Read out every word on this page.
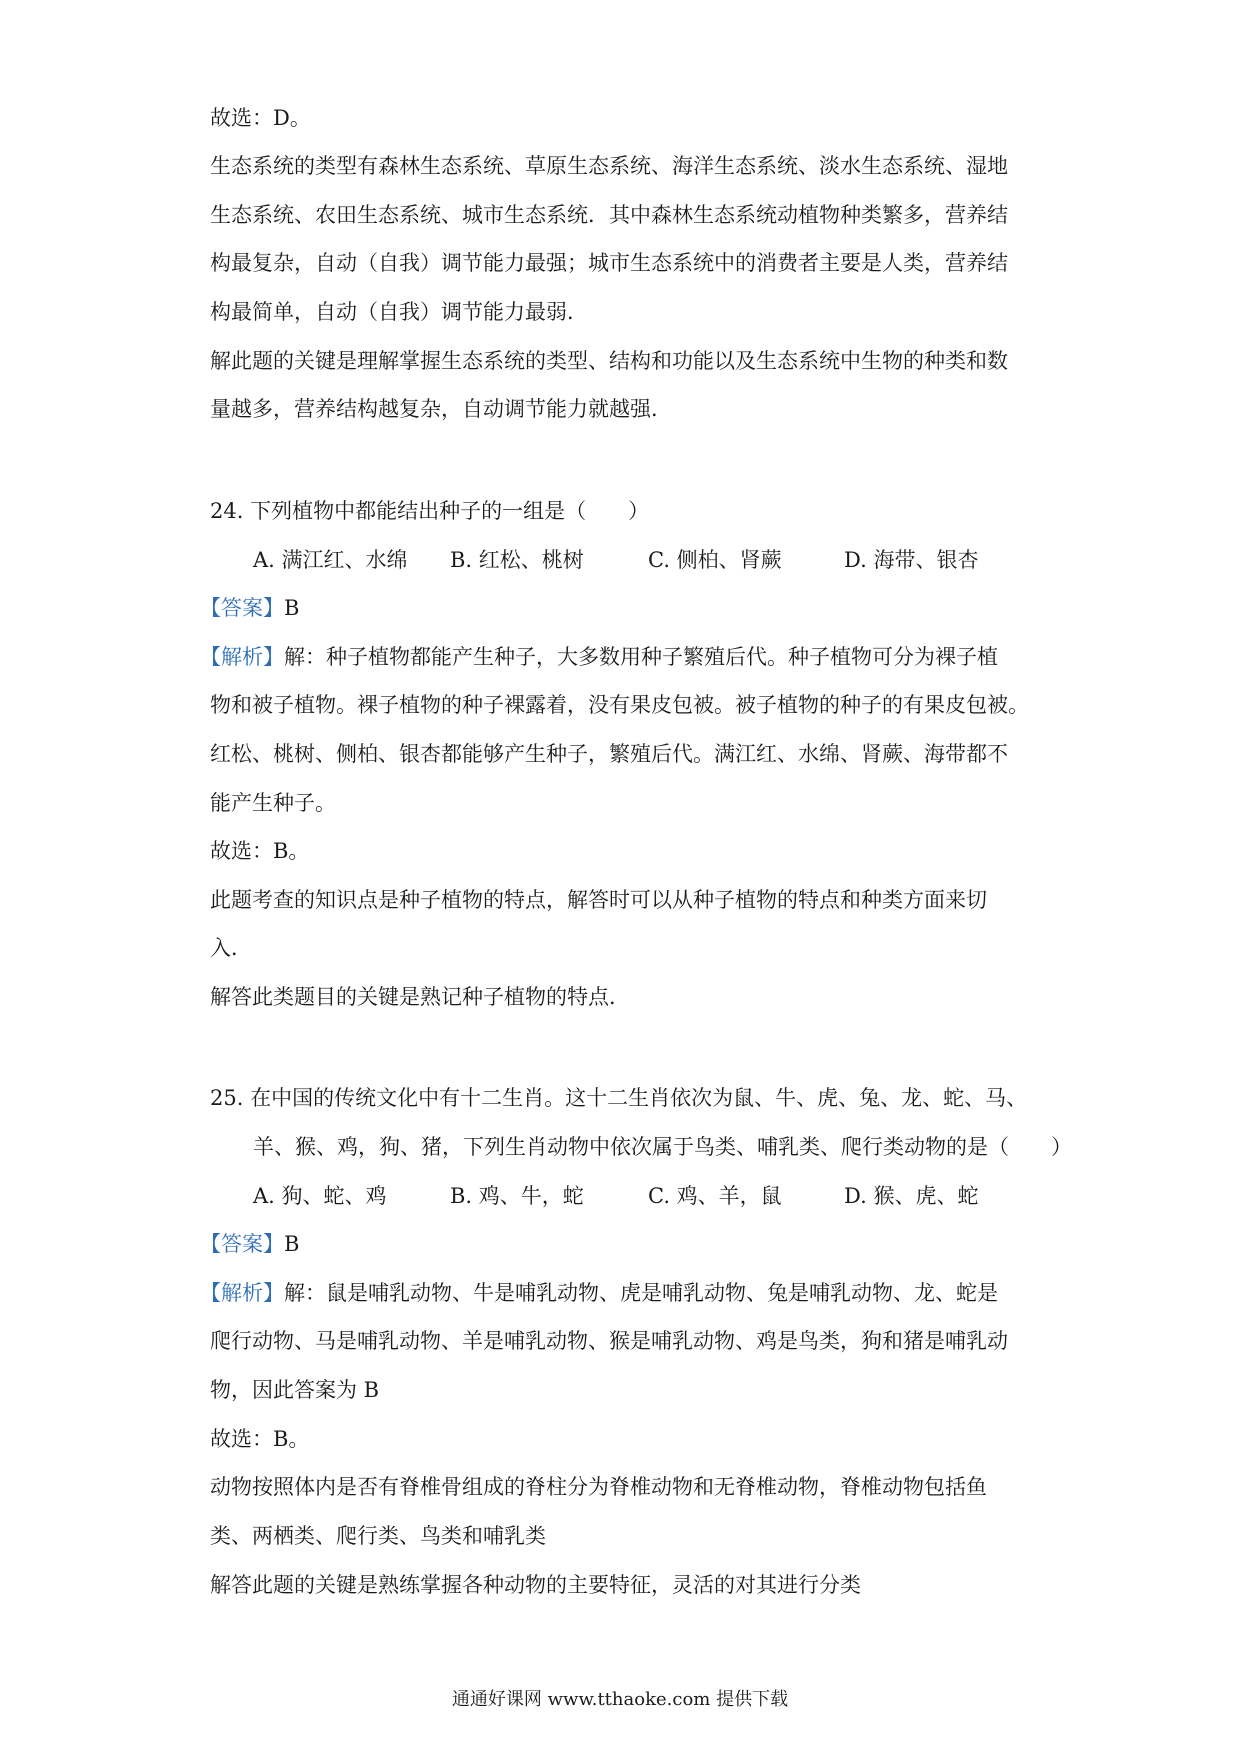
故选：D。
生态系统的类型有森林生态系统、草原生态系统、海洋生态系统、淡水生态系统、湿地
生态系统、农田生态系统、城市生态系统．其中森林生态系统动植物种类繁多，营养结
构最复杂，自动（自我）调节能力最强；城市生态系统中的消费者主要是人类，营养结
构最简单，自动（自我）调节能力最弱．
解此题的关键是理解掌握生态系统的类型、结构和功能以及生态系统中生物的种类和数
量越多，营养结构越复杂，自动调节能力就越强．
24. 下列植物中都能结出种子的一组是（　　）
A. 满江红、水绵 B. 红松、桃树	C. 侧柏、肾蕨	D. 海带、银杏
【答案】B
【解析】解：种子植物都能产生种子，大多数用种子繁殖后代。种子植物可分为裸子植
物和被子植物。裸子植物的种子裸露着，没有果皮包被。被子植物的种子的有果皮包被。
红松、桃树、侧柏、银杏都能够产生种子，繁殖后代。满江红、水绵、肾蕨、海带都不
能产生种子。
故选：B。
此题考查的知识点是种子植物的特点，解答时可以从种子植物的特点和种类方面来切
入．
解答此类题目的关键是熟记种子植物的特点．
25. 在中国的传统文化中有十二生肖。这十二生肖依次为鼠、牛、虎、兔、龙、蛇、马、
羊、猴、鸡，狗、猪，下列生肖动物中依次属于鸟类、哺乳类、爬行类动物的是（　　）
A. 狗、蛇、鸡	B. 鸡、牛，蛇	C. 鸡、羊，鼠	D. 猴、虎、蛇
【答案】B
【解析】解：鼠是哺乳动物、牛是哺乳动物、虎是哺乳动物、兔是哺乳动物、龙、蛇是
爬行动物、马是哺乳动物、羊是哺乳动物、猴是哺乳动物、鸡是鸟类，狗和猪是哺乳动
物，因此答案为 B
故选：B。
动物按照体内是否有脊椎骨组成的脊柱分为脊椎动物和无脊椎动物，脊椎动物包括鱼
类、两栖类、爬行类、鸟类和哺乳类
解答此题的关键是熟练掌握各种动物的主要特征，灵活的对其进行分类
通通好课网 www.tthaoke.com 提供下载
